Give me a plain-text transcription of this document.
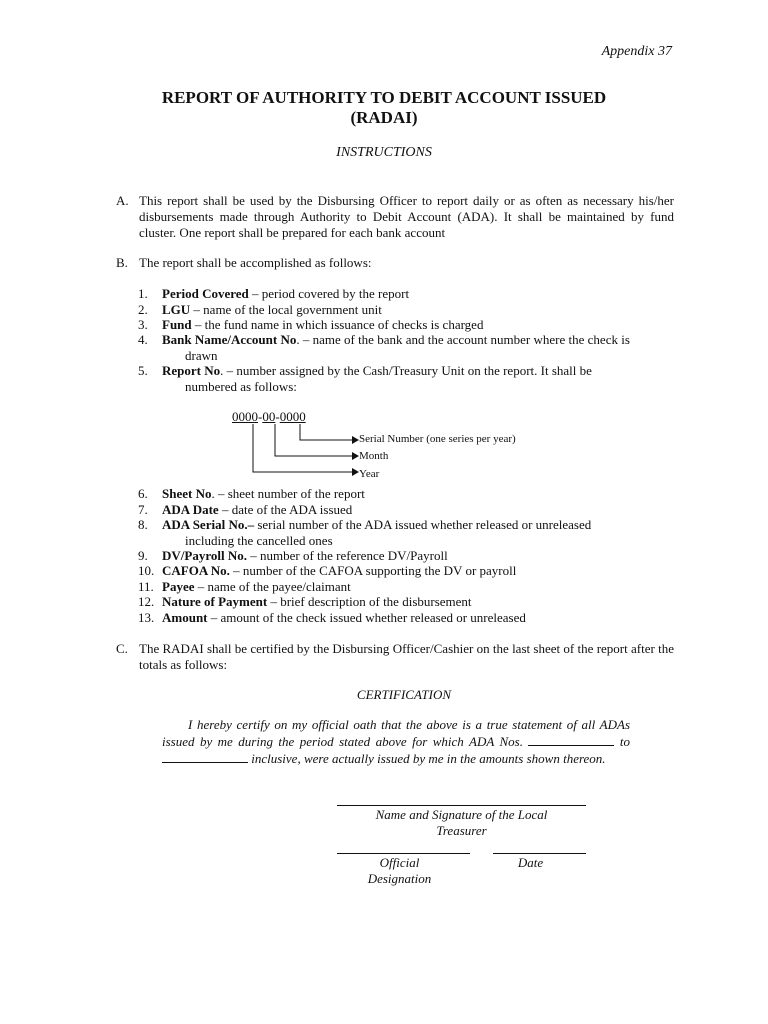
Appendix 37
REPORT OF AUTHORITY TO DEBIT ACCOUNT ISSUED
(RADAI)
INSTRUCTIONS
A. This report shall be used by the Disbursing Officer to report daily or as often as necessary his/her disbursements made through Authority to Debit Account (ADA). It shall be maintained by fund cluster. One report shall be prepared for each bank account
B. The report shall be accomplished as follows:
1.	Period Covered – period covered by the report
2.	LGU – name of the local government unit
3.	Fund – the fund name in which issuance of checks is charged
4.	Bank Name/Account No. – name of the bank and the account number where the check is
drawn
5.	Report No. – number assigned by the Cash/Treasury Unit on the report. It shall be
numbered as follows:
0000-00-0000
Serial Number (one series per year)
Month
Year
6.	Sheet No. – sheet number of the report
7.	ADA Date – date of the ADA issued
8.	ADA Serial No.– serial number of the ADA issued whether released or unreleased
including the cancelled ones
9.	DV/Payroll No. – number of the reference DV/Payroll
10. CAFOA No. – number of the CAFOA supporting the DV or payroll
11. Payee – name of the payee/claimant
12. Nature of Payment – brief description of the disbursement
13. Amount – amount of the check issued whether released or unreleased
C. The RADAI shall be certified by the Disbursing Officer/Cashier on the last sheet of the report after the totals as follows:
CERTIFICATION
I hereby certify on my official oath that the above is a true statement of all ADAs issued by me during the period stated above for which ADA Nos.	to  inclusive, were actually issued by me in the amounts shown thereon.
Name and Signature of the Local
Treasurer
Official
Designation
Date
